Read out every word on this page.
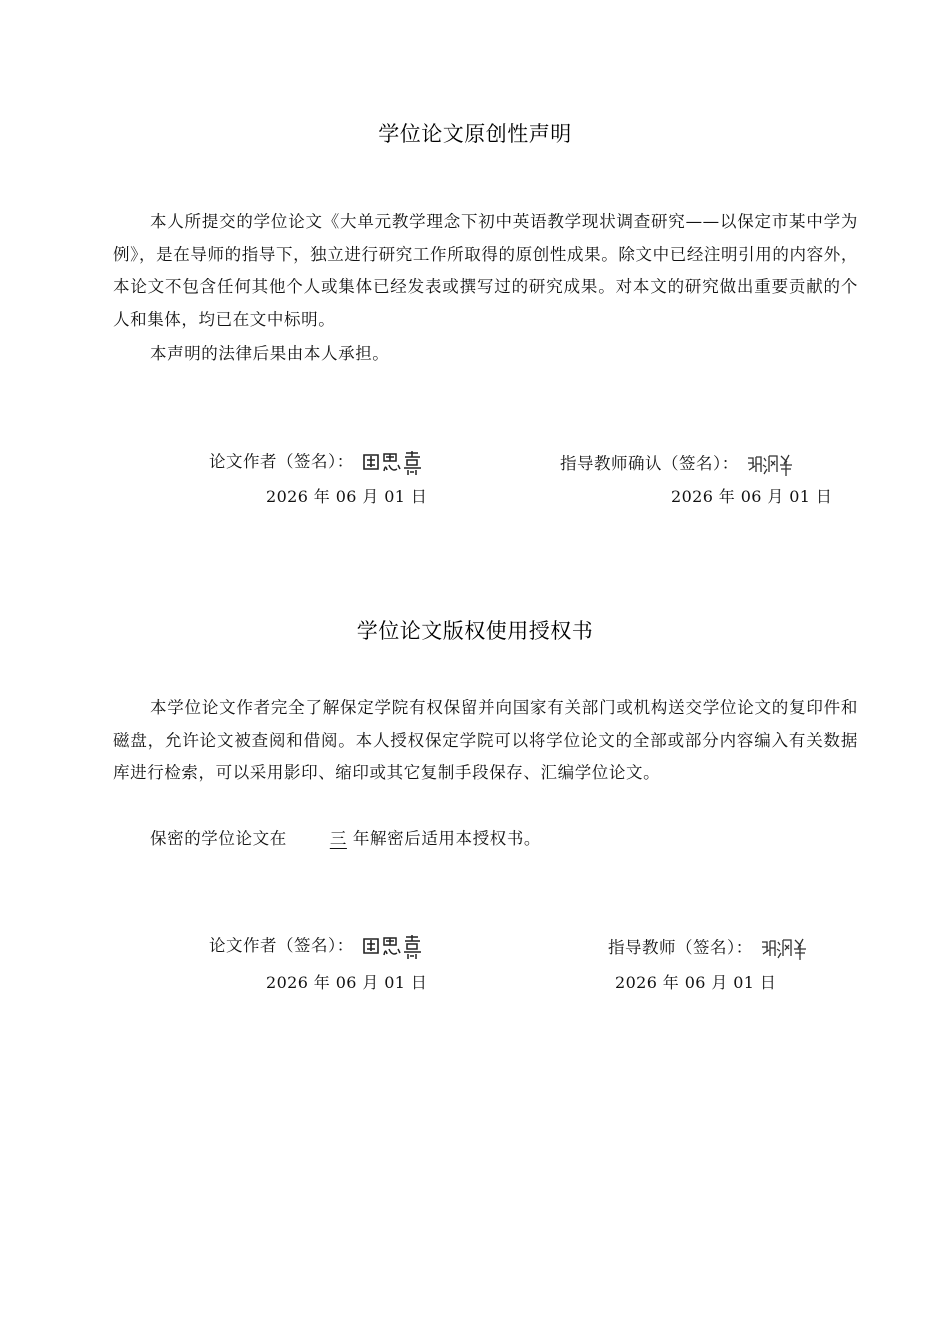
学位论文原创性声明

本人所提交的学位论文《大单元教学理念下初中英语教学现状调查研究——以保定市某中学为例》，是在导师的指导下，独立进行研究工作所取得的原创性成果。除文中已经注明引用的内容外，本论文不包含任何其他个人或集体已经发表或撰写过的研究成果。对本文的研究做出重要贡献的个人和集体，均已在文中标明。

本声明的法律后果由本人承担。

论文作者（签名）：
2026 年 06 月 01 日
指导教师确认（签名）：
2026 年 06 月 01 日
学位论文版权使用授权书

本学位论文作者完全了解保定学院有权保留并向国家有关部门或机构送交学位论文的复印件和磁盘，允许论文被查阅和借阅。本人授权保定学院可以将学位论文的全部或部分内容编入有关数据库进行检索，可以采用影印、缩印或其它复制手段保存、汇编学位论文。

保密的学位论文在	三 年解密后适用本授权书。

论文作者（签名）：
2026 年 06 月 01 日
指导教师（签名）：
2026 年 06 月 01 日
